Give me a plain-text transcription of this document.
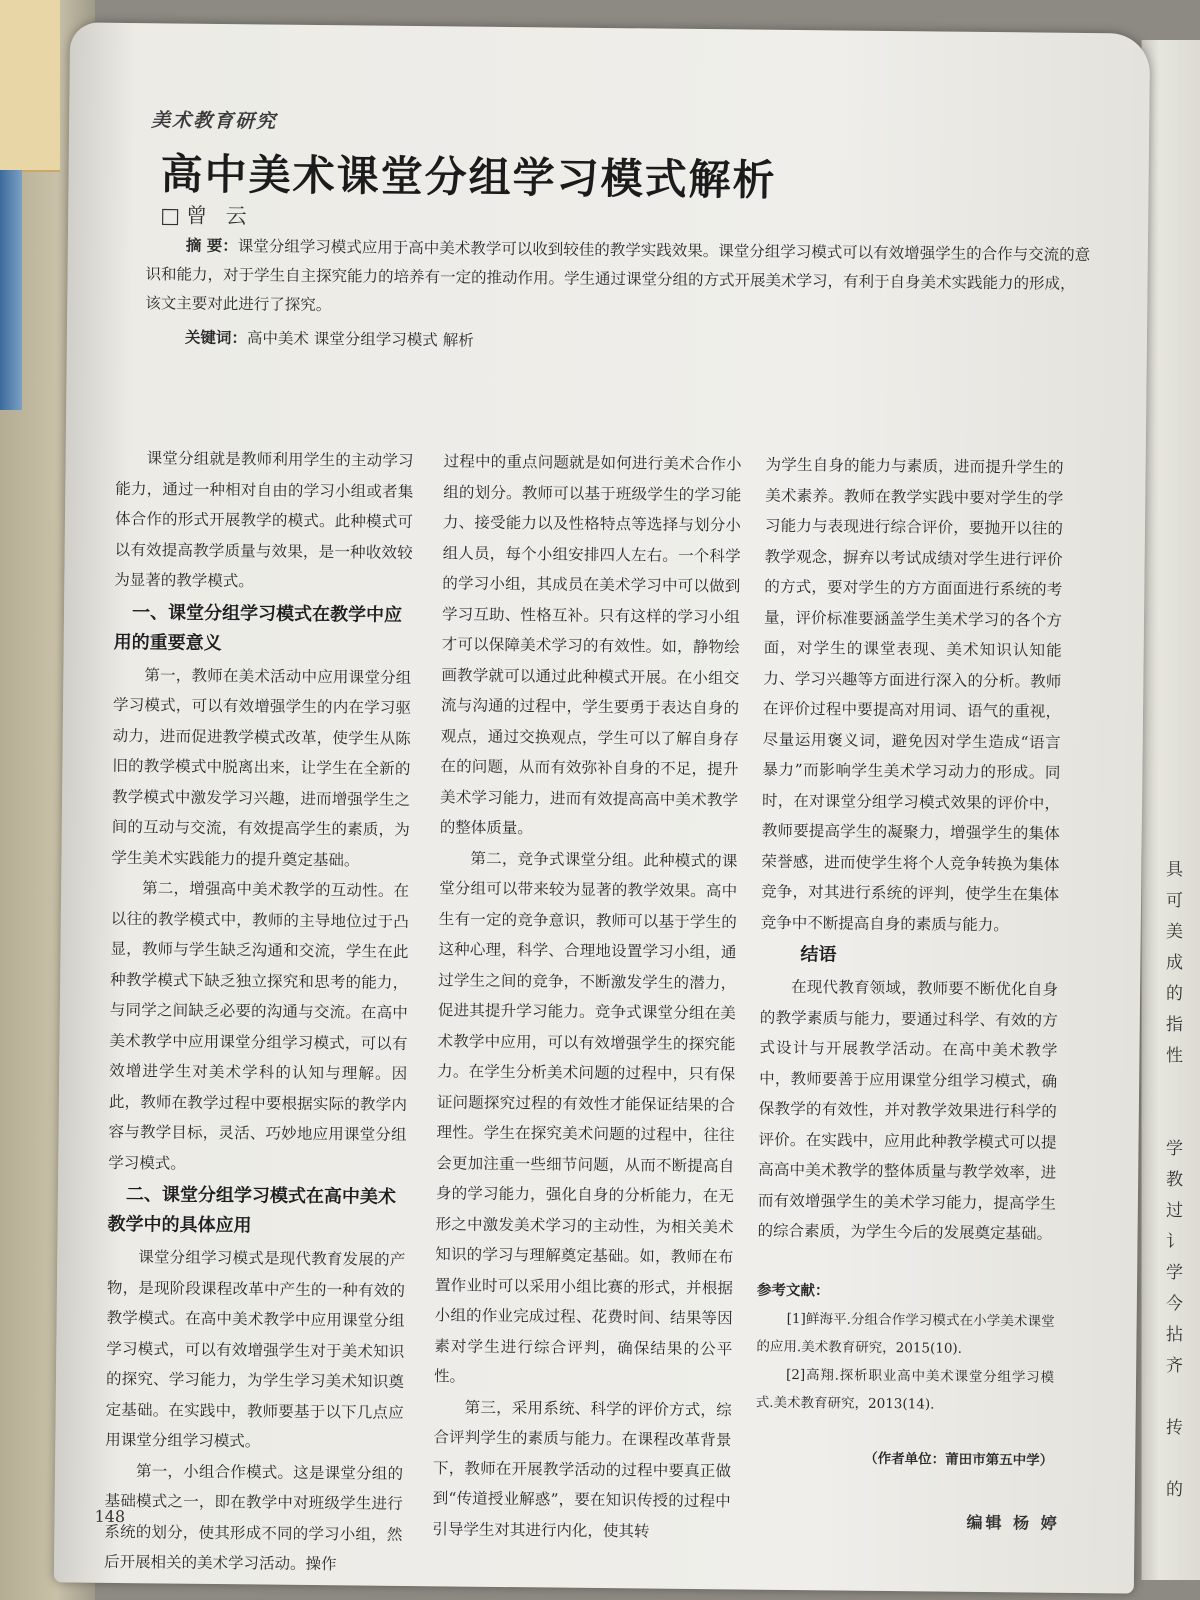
具
可
美
成
的
指
性

学
教
过
讠
学
今
拈
齐

抟

的
美术教育研究
高中美术课堂分组学习模式解析
□曾 云

摘 要：课堂分组学习模式应用于高中美术教学可以收到较佳的教学实践效果。课堂分组学习模式可以有效增强学生的合作与交流的意识和能力，对于学生自主探究能力的培养有一定的推动作用。学生通过课堂分组的方式开展美术学习，有利于自身美术实践能力的形成，该文主要对此进行了探究。

关键词：高中美术 课堂分组学习模式 解析

课堂分组就是教师利用学生的主动学习能力，通过一种相对自由的学习小组或者集体合作的形式开展教学的模式。此种模式可以有效提高教学质量与效果，是一种收效较为显著的教学模式。

一、课堂分组学习模式在教学中应用的重要意义

第一，教师在美术活动中应用课堂分组学习模式，可以有效增强学生的内在学习驱动力，进而促进教学模式改革，使学生从陈旧的教学模式中脱离出来，让学生在全新的教学模式中激发学习兴趣，进而增强学生之间的互动与交流，有效提高学生的素质，为学生美术实践能力的提升奠定基础。

第二，增强高中美术教学的互动性。在以往的教学模式中，教师的主导地位过于凸显，教师与学生缺乏沟通和交流，学生在此种教学模式下缺乏独立探究和思考的能力，与同学之间缺乏必要的沟通与交流。在高中美术教学中应用课堂分组学习模式，可以有效增进学生对美术学科的认知与理解。因此，教师在教学过程中要根据实际的教学内容与教学目标，灵活、巧妙地应用课堂分组学习模式。

二、课堂分组学习模式在高中美术教学中的具体应用

课堂分组学习模式是现代教育发展的产物，是现阶段课程改革中产生的一种有效的教学模式。在高中美术教学中应用课堂分组学习模式，可以有效增强学生对于美术知识的探究、学习能力，为学生学习美术知识奠定基础。在实践中，教师要基于以下几点应用课堂分组学习模式。

第一，小组合作模式。这是课堂分组的基础模式之一，即在教学中对班级学生进行系统的划分，使其形成不同的学习小组，然后开展相关的美术学习活动。操作

过程中的重点问题就是如何进行美术合作小组的划分。教师可以基于班级学生的学习能力、接受能力以及性格特点等选择与划分小组人员，每个小组安排四人左右。一个科学的学习小组，其成员在美术学习中可以做到学习互助、性格互补。只有这样的学习小组才可以保障美术学习的有效性。如，静物绘画教学就可以通过此种模式开展。在小组交流与沟通的过程中，学生要勇于表达自身的观点，通过交换观点，学生可以了解自身存在的问题，从而有效弥补自身的不足，提升美术学习能力，进而有效提高高中美术教学的整体质量。

第二，竞争式课堂分组。此种模式的课堂分组可以带来较为显著的教学效果。高中生有一定的竞争意识，教师可以基于学生的这种心理，科学、合理地设置学习小组，通过学生之间的竞争，不断激发学生的潜力，促进其提升学习能力。竞争式课堂分组在美术教学中应用，可以有效增强学生的探究能力。在学生分析美术问题的过程中，只有保证问题探究过程的有效性才能保证结果的合理性。学生在探究美术问题的过程中，往往会更加注重一些细节问题，从而不断提高自身的学习能力，强化自身的分析能力，在无形之中激发美术学习的主动性，为相关美术知识的学习与理解奠定基础。如，教师在布置作业时可以采用小组比赛的形式，并根据小组的作业完成过程、花费时间、结果等因素对学生进行综合评判，确保结果的公平性。

第三，采用系统、科学的评价方式，综合评判学生的素质与能力。在课程改革背景下，教师在开展教学活动的过程中要真正做到“传道授业解惑”，要在知识传授的过程中引导学生对其进行内化，使其转

为学生自身的能力与素质，进而提升学生的美术素养。教师在教学实践中要对学生的学习能力与表现进行综合评价，要抛开以往的教学观念，摒弃以考试成绩对学生进行评价的方式，要对学生的方方面面进行系统的考量，评价标准要涵盖学生美术学习的各个方面，对学生的课堂表现、美术知识认知能力、学习兴趣等方面进行深入的分析。教师在评价过程中要提高对用词、语气的重视，尽量运用褒义词，避免因对学生造成“语言暴力”而影响学生美术学习动力的形成。同时，在对课堂分组学习模式效果的评价中，教师要提高学生的凝聚力，增强学生的集体荣誉感，进而使学生将个人竞争转换为集体竞争，对其进行系统的评判，使学生在集体竞争中不断提高自身的素质与能力。

结语

在现代教育领域，教师要不断优化自身的教学素质与能力，要通过科学、有效的方式设计与开展教学活动。在高中美术教学中，教师要善于应用课堂分组学习模式，确保教学的有效性，并对教学效果进行科学的评价。在实践中，应用此种教学模式可以提高高中美术教学的整体质量与教学效率，进而有效增强学生的美术学习能力，提高学生的综合素质，为学生今后的发展奠定基础。

参考文献：

[1]鲜海平.分组合作学习模式在小学美术课堂的应用.美术教育研究，2015(10).

[2]高翔.探析职业高中美术课堂分组学习模式.美术教育研究，2013(14).

（作者单位：莆田市第五中学）
148	编辑 杨 婷
